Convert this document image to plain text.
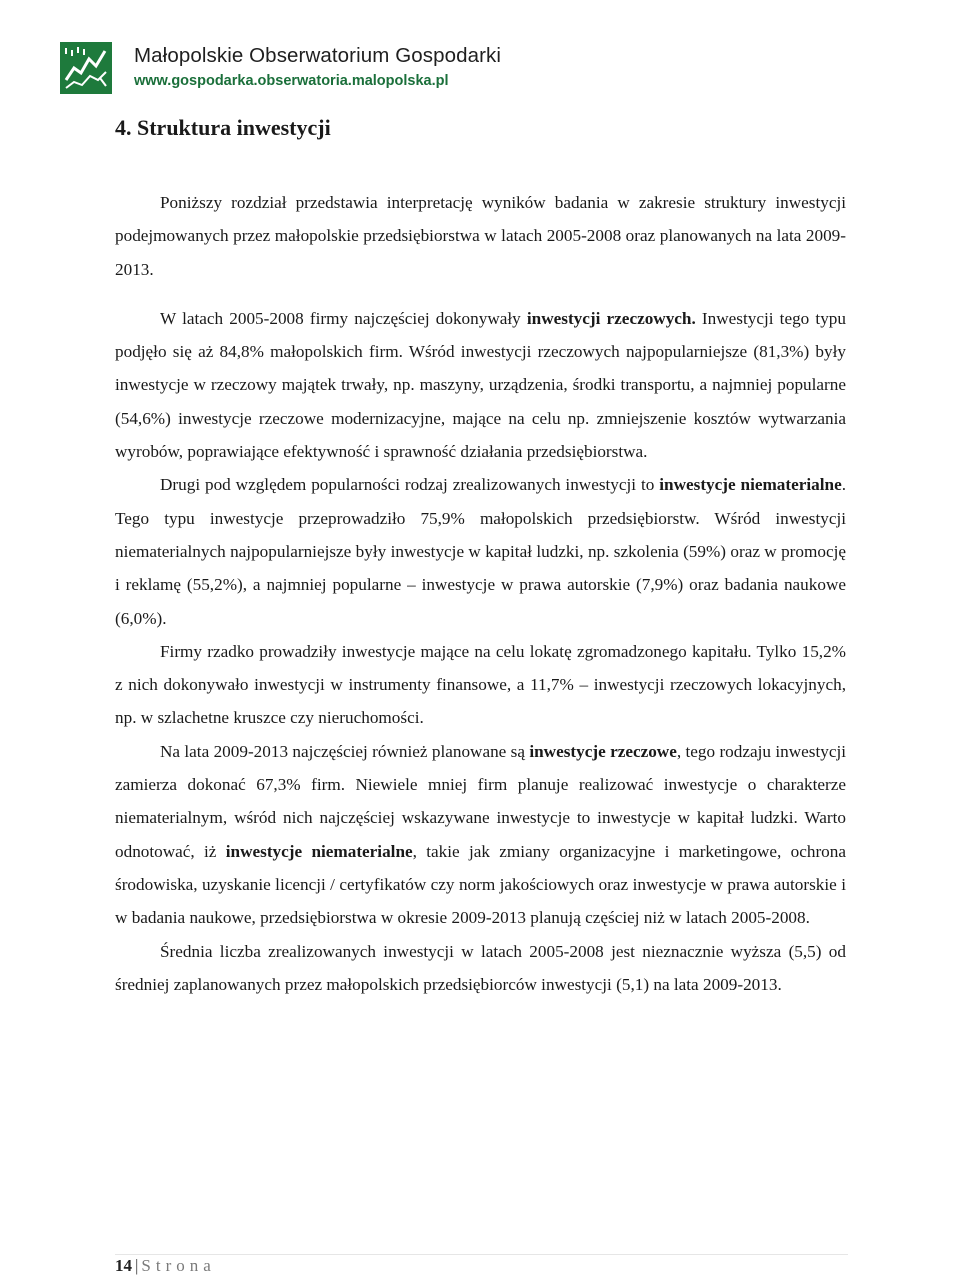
Małopolskie Obserwatorium Gospodarki
www.gospodarka.obserwatoria.malopolska.pl
4. Struktura inwestycji

Poniższy rozdział przedstawia interpretację wyników badania w zakresie struktury inwestycji podejmowanych przez małopolskie przedsiębiorstwa w latach 2005-2008 oraz planowanych na lata 2009-2013.

W latach 2005-2008 firmy najczęściej dokonywały inwestycji rzeczowych. Inwestycji tego typu podjęło się aż 84,8% małopolskich firm. Wśród inwestycji rzeczowych najpopularniejsze (81,3%) były inwestycje w rzeczowy majątek trwały, np. maszyny, urządzenia, środki transportu, a najmniej popularne (54,6%) inwestycje rzeczowe modernizacyjne, mające na celu np. zmniejszenie kosztów wytwarzania wyrobów, poprawiające efektywność i sprawność działania przedsiębiorstwa.

Drugi pod względem popularności rodzaj zrealizowanych inwestycji to inwestycje niematerialne. Tego typu inwestycje przeprowadziło 75,9% małopolskich przedsiębiorstw. Wśród inwestycji niematerialnych najpopularniejsze były inwestycje w kapitał ludzki, np. szkolenia (59%) oraz w promocję i reklamę (55,2%), a najmniej popularne – inwestycje w prawa autorskie (7,9%) oraz badania naukowe (6,0%).

Firmy rzadko prowadziły inwestycje mające na celu lokatę zgromadzonego kapitału. Tylko 15,2% z nich dokonywało inwestycji w instrumenty finansowe, a 11,7% – inwestycji rzeczowych lokacyjnych, np. w szlachetne kruszce czy nieruchomości.

Na lata 2009-2013 najczęściej również planowane są inwestycje rzeczowe, tego rodzaju inwestycji zamierza dokonać 67,3% firm. Niewiele mniej firm planuje realizować inwestycje o charakterze niematerialnym, wśród nich najczęściej wskazywane inwestycje to inwestycje w kapitał ludzki. Warto odnotować, iż inwestycje niematerialne, takie jak zmiany organizacyjne i marketingowe, ochrona środowiska, uzyskanie licencji / certyfikatów czy norm jakościowych oraz inwestycje w prawa autorskie i w badania naukowe, przedsiębiorstwa w okresie 2009-2013 planują częściej niż w latach 2005-2008.

Średnia liczba zrealizowanych inwestycji w latach 2005-2008 jest nieznacznie wyższa (5,5) od średniej zaplanowanych przez małopolskich przedsiębiorców inwestycji (5,1) na lata 2009-2013.

14 | Strona
